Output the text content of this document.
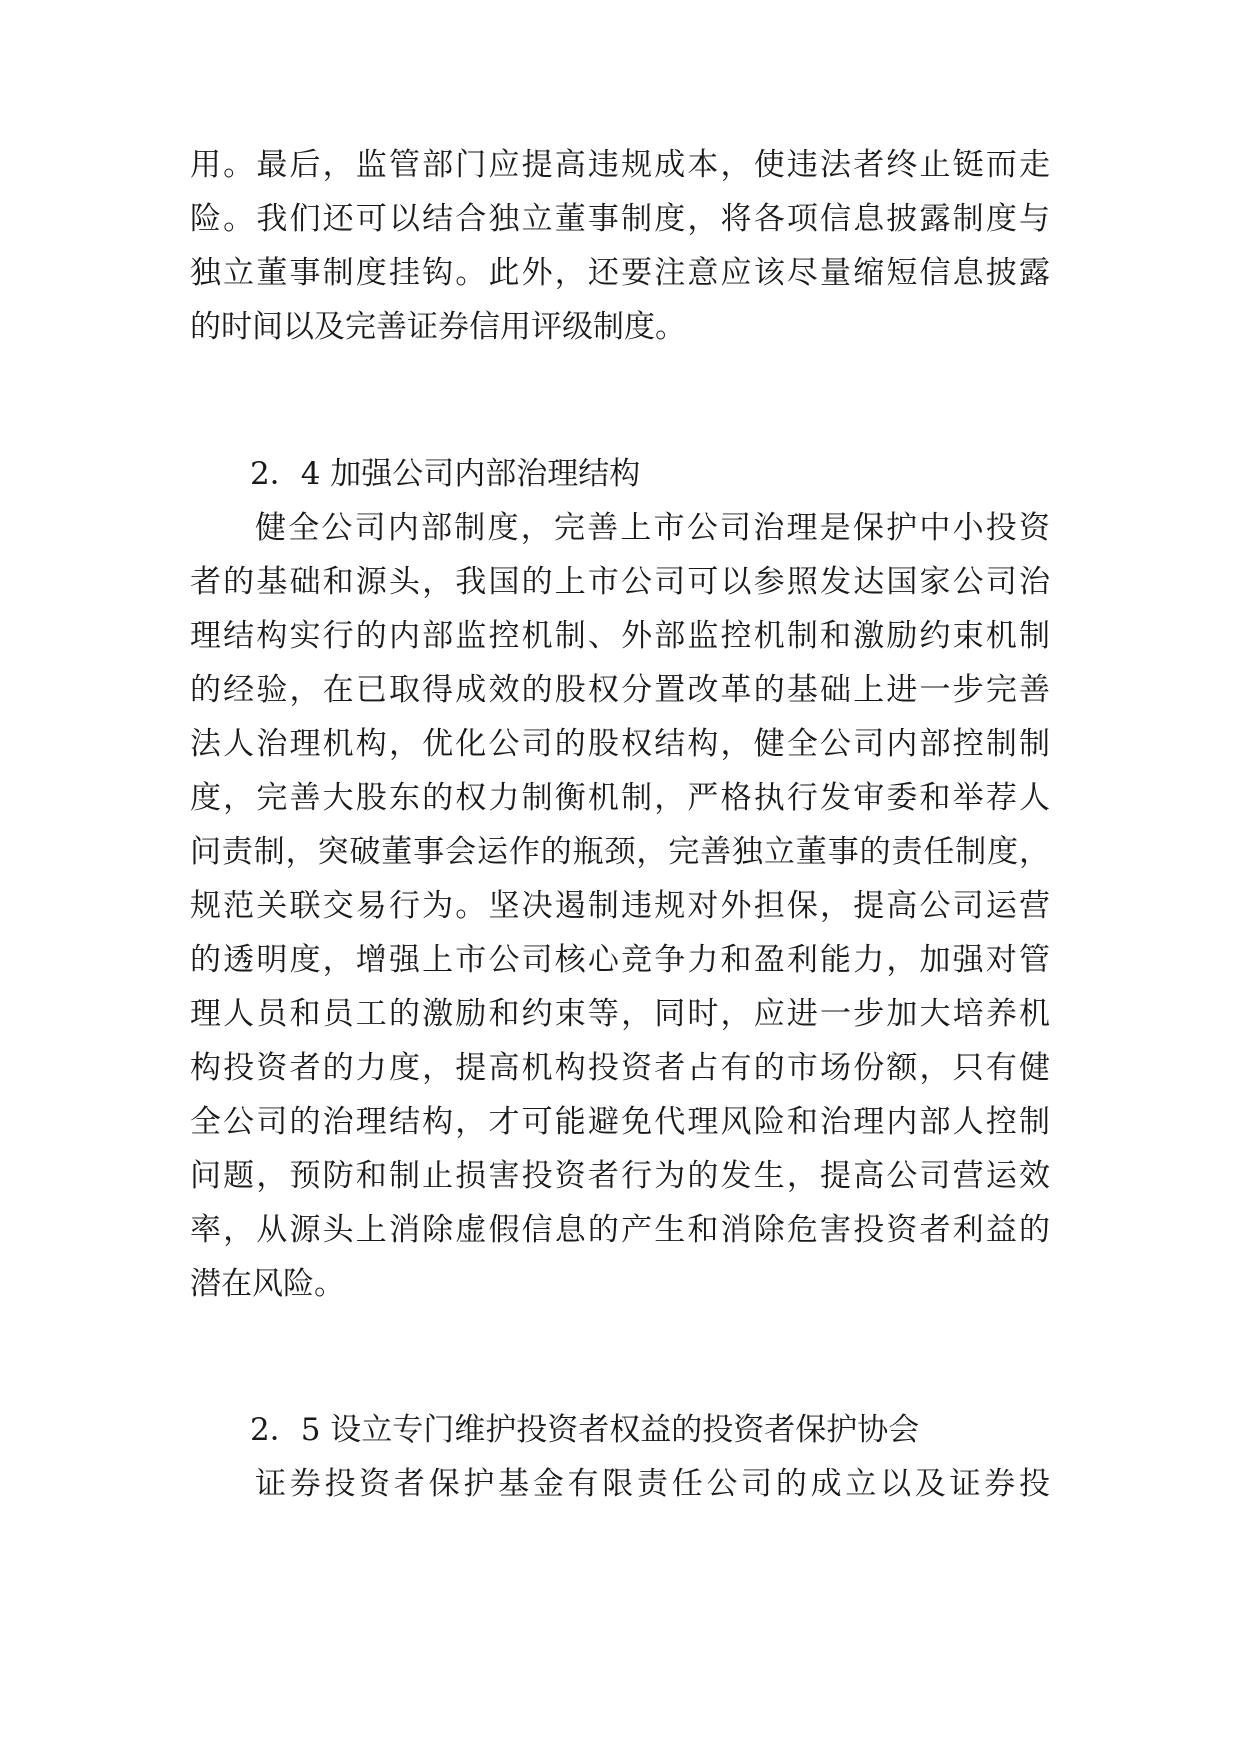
用。最后，监管部门应提高违规成本，使违法者终止铤而走
险。我们还可以结合独立董事制度，将各项信息披露制度与
独立董事制度挂钩。此外，还要注意应该尽量缩短信息披露
的时间以及完善证券信用评级制度。
2．4 加强公司内部治理结构
健全公司内部制度，完善上市公司治理是保护中小投资
者的基础和源头，我国的上市公司可以参照发达国家公司治
理结构实行的内部监控机制、外部监控机制和激励约束机制
的经验，在已取得成效的股权分置改革的基础上进一步完善
法人治理机构，优化公司的股权结构，健全公司内部控制制
度，完善大股东的权力制衡机制，严格执行发审委和举荐人
问责制，突破董事会运作的瓶颈，完善独立董事的责任制度，
规范关联交易行为。坚决遏制违规对外担保，提高公司运营
的透明度，增强上市公司核心竞争力和盈利能力，加强对管
理人员和员工的激励和约束等，同时，应进一步加大培养机
构投资者的力度，提高机构投资者占有的市场份额，只有健
全公司的治理结构，才可能避免代理风险和治理内部人控制
问题，预防和制止损害投资者行为的发生，提高公司营运效
率，从源头上消除虚假信息的产生和消除危害投资者利益的
潜在风险。
2．5 设立专门维护投资者权益的投资者保护协会
证券投资者保护基金有限责任公司的成立以及证券投
